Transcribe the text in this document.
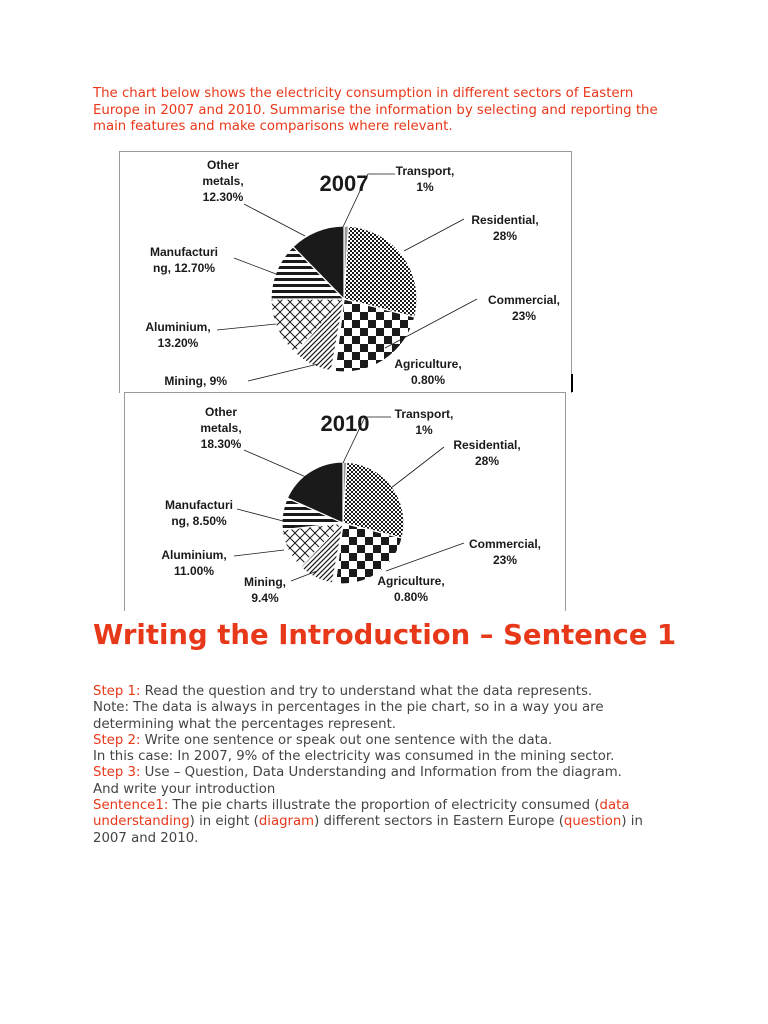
The chart below shows the electricity consumption in different sectors of Eastern Europe in 2007 and 2010. Summarise the information by selecting and reporting the main features and make comparisons where relevant.
2007 Transport, 1%
Residential, 28%
Commercial, 23%
Agriculture, 0.80%
Mining, 9%
Aluminium, 13.20%
Manufacturi ng, 12.70%
Other metals, 12.30%
2010 Transport, 1%
Residential, 28%
Commercial, 23%
Agriculture, 0.80%
Mining, 9.4%
Aluminium, 11.00%
Manufacturi ng, 8.50%
Other metals, 18.30%
Writing the Introduction – Sentence 1

Step 1: Read the question and try to understand what the data represents.

Note: The data is always in percentages in the pie chart, so in a way you are determining what the percentages represent.

Step 2: Write one sentence or speak out one sentence with the data.

In this case: In 2007, 9% of the electricity was consumed in the mining sector.

Step 3: Use – Question, Data Understanding and Information from the diagram.

And write your introduction

Sentence1: The pie charts illustrate the proportion of electricity consumed (data understanding) in eight (diagram) different sectors in Eastern Europe (question) in 2007 and 2010.
